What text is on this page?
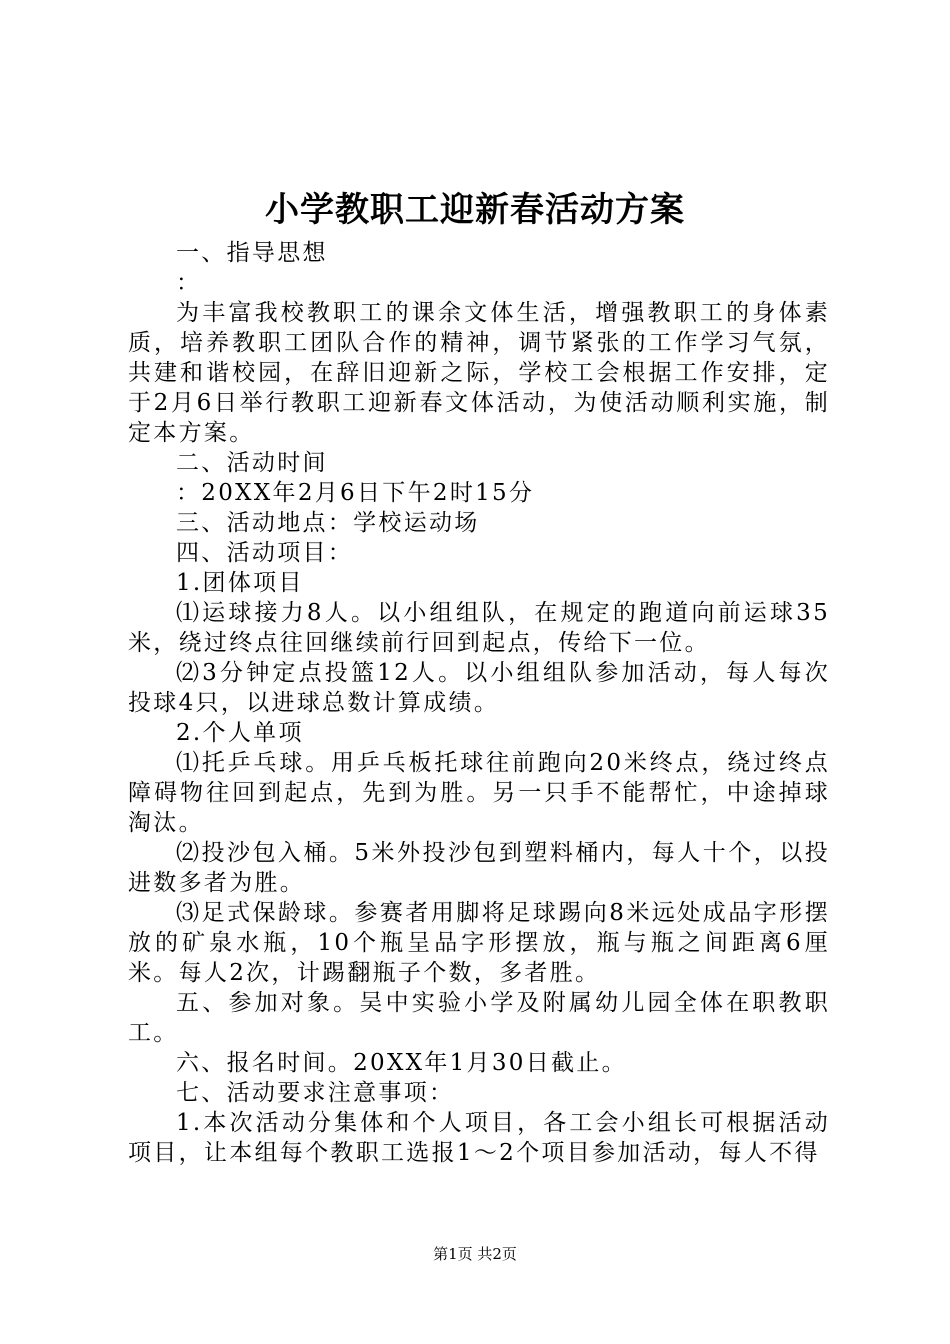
小学教职工迎新春活动方案

一、指导思想

：

为丰富我校教职工的课余文体生活，增强教职工的身体素质，培养教职工团队合作的精神，调节紧张的工作学习气氛，共建和谐校园，在辞旧迎新之际，学校工会根据工作安排，定于2月6日举行教职工迎新春文体活动，为使活动顺利实施，制定本方案。

二、活动时间

：20XX年2月6日下午2时15分

三、活动地点：学校运动场

四、活动项目：

1.团体项目

⑴运球接力8人。以小组组队，在规定的跑道向前运球35米，绕过终点往回继续前行回到起点，传给下一位。

⑵3分钟定点投篮12人。以小组组队参加活动，每人每次投球4只，以进球总数计算成绩。

2.个人单项

⑴托乒乓球。用乒乓板托球往前跑向20米终点，绕过终点障碍物往回到起点，先到为胜。另一只手不能帮忙，中途掉球淘汰。

⑵投沙包入桶。5米外投沙包到塑料桶内，每人十个，以投进数多者为胜。

⑶足式保龄球。参赛者用脚将足球踢向8米远处成品字形摆放的矿泉水瓶，10个瓶呈品字形摆放，瓶与瓶之间距离6厘米。每人2次，计踢翻瓶子个数，多者胜。

五、参加对象。吴中实验小学及附属幼儿园全体在职教职工。

六、报名时间。20XX年1月30日截止。

七、活动要求注意事项：

1.本次活动分集体和个人项目，各工会小组长可根据活动项目，让本组每个教职工选报1～2个项目参加活动，每人不得

第1页 共2页
